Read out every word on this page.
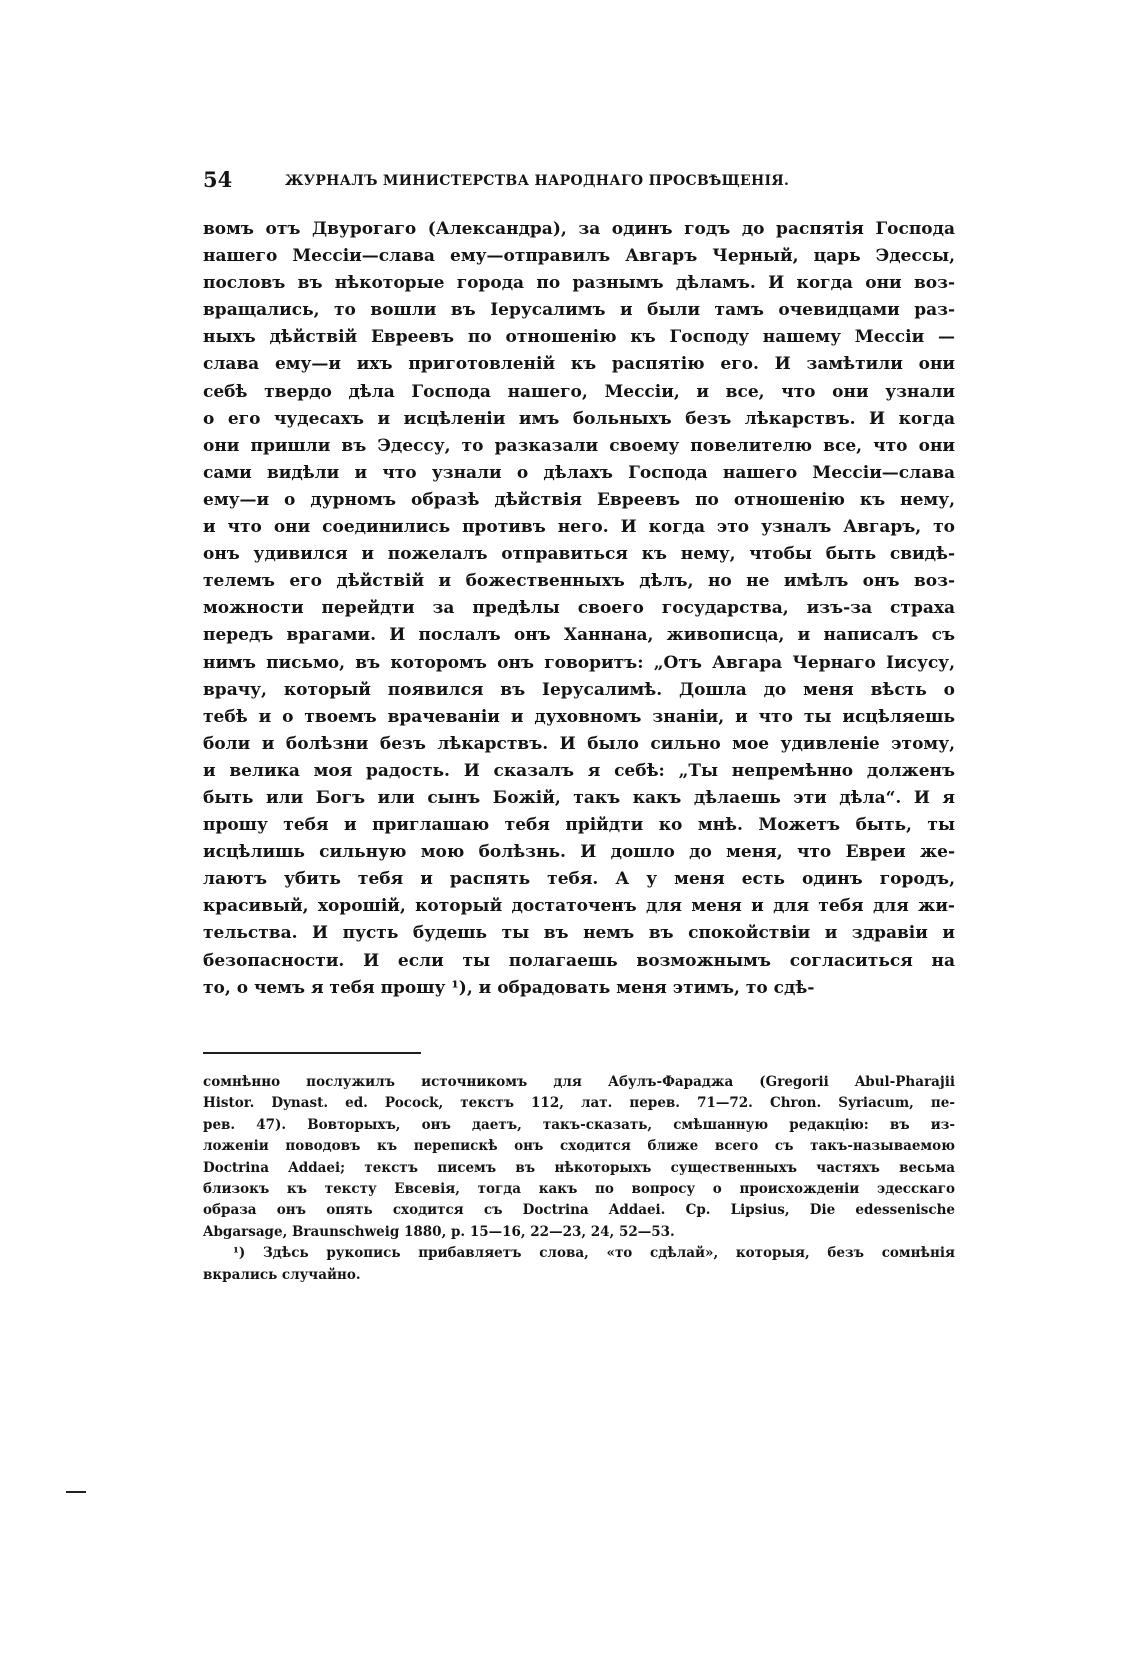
54	ЖУРНАЛЪ МИНИСТЕРСТВА НАРОДНАГО ПРОСВѢЩЕНІЯ.
вомъ отъ Двурогаго (Александра), за одинъ годъ до распятія Господа
нашего Мессіи—слава ему—отправилъ Авгаръ Черный, царь Эдессы,
пословъ въ нѣкоторые города по разнымъ дѣламъ. И когда они воз-
вращались, то вошли въ Іерусалимъ и были тамъ очевидцами раз-
ныхъ дѣйствій Евреевъ по отношенію къ Господу нашему Мессіи —
слава ему—и ихъ приготовленій къ распятію его. И замѣтили они
себѣ твердо дѣла Господа нашего, Мессіи, и все, что они узнали
о его чудесахъ и исцѣленіи имъ больныхъ безъ лѣкарствъ. И когда
они пришли въ Эдессу, то разказали своему повелителю все, что они
сами видѣли и что узнали о дѣлахъ Господа нашего Мессіи—слава
ему—и о дурномъ образѣ дѣйствія Евреевъ по отношенію къ нему,
и что они соединились противъ него. И когда это узналъ Авгаръ, то
онъ удивился и пожелалъ отправиться къ нему, чтобы быть свидѣ-
телемъ его дѣйствій и божественныхъ дѣлъ, но не имѣлъ онъ воз-
можности перейдти за предѣлы своего государства, изъ-за страха
передъ врагами. И послалъ онъ Ханнана, живописца, и написалъ съ
нимъ письмо, въ которомъ онъ говоритъ: „Отъ Авгара Чернаго Іисусу,
врачу, который появился въ Іерусалимѣ. Дошла до меня вѣсть о
тебѣ и о твоемъ врачеваніи и духовномъ знаніи, и что ты исцѣляешь
боли и болѣзни безъ лѣкарствъ. И было сильно мое удивленіе этому,
и велика моя радость. И сказалъ я себѣ: „Ты непремѣнно долженъ
быть или Богъ или сынъ Божій, такъ какъ дѣлаешь эти дѣла“. И я
прошу тебя и приглашаю тебя прійдти ко мнѣ. Можетъ быть, ты
исцѣлишь сильную мою болѣзнь. И дошло до меня, что Евреи же-
лаютъ убить тебя и распять тебя. А у меня есть одинъ городъ,
красивый, хорошій, который достаточенъ для меня и для тебя для жи-
тельства. И пусть будешь ты въ немъ въ спокойствіи и здравіи и
безопасности. И если ты полагаешь возможнымъ согласиться на
то, о чемъ я тебя прошу ¹), и обрадовать меня этимъ, то сдѣ-
сомнѣнно послужилъ источникомъ для Абулъ-Фараджа (Gregorii Abul-Pharajii
Histor. Dynast. ed. Pocock, текстъ 112, лат. перев. 71—72. Chron. Syriacum, пе-
рев. 47). Вовторыхъ, онъ даетъ, такъ-сказать, смѣшанную редакцію: въ из-
ложеніи поводовъ къ перепискѣ онъ сходится ближе всего съ такъ-называемою
Doctrina Addaei; текстъ писемъ въ нѣкоторыхъ существенныхъ частяхъ весьма
близокъ къ тексту Евсевія, тогда какъ по вопросу о происхожденіи эдесскаго
образа онъ опять сходится съ Doctrina Addaei. Ср. Lipsius, Die edessenische
Abgarsage, Braunschweig 1880, p. 15—16, 22—23, 24, 52—53.
¹) Здѣсь рукопись прибавляетъ слова, «то сдѣлай», которыя, безъ сомнѣнія
вкрались случайно.
